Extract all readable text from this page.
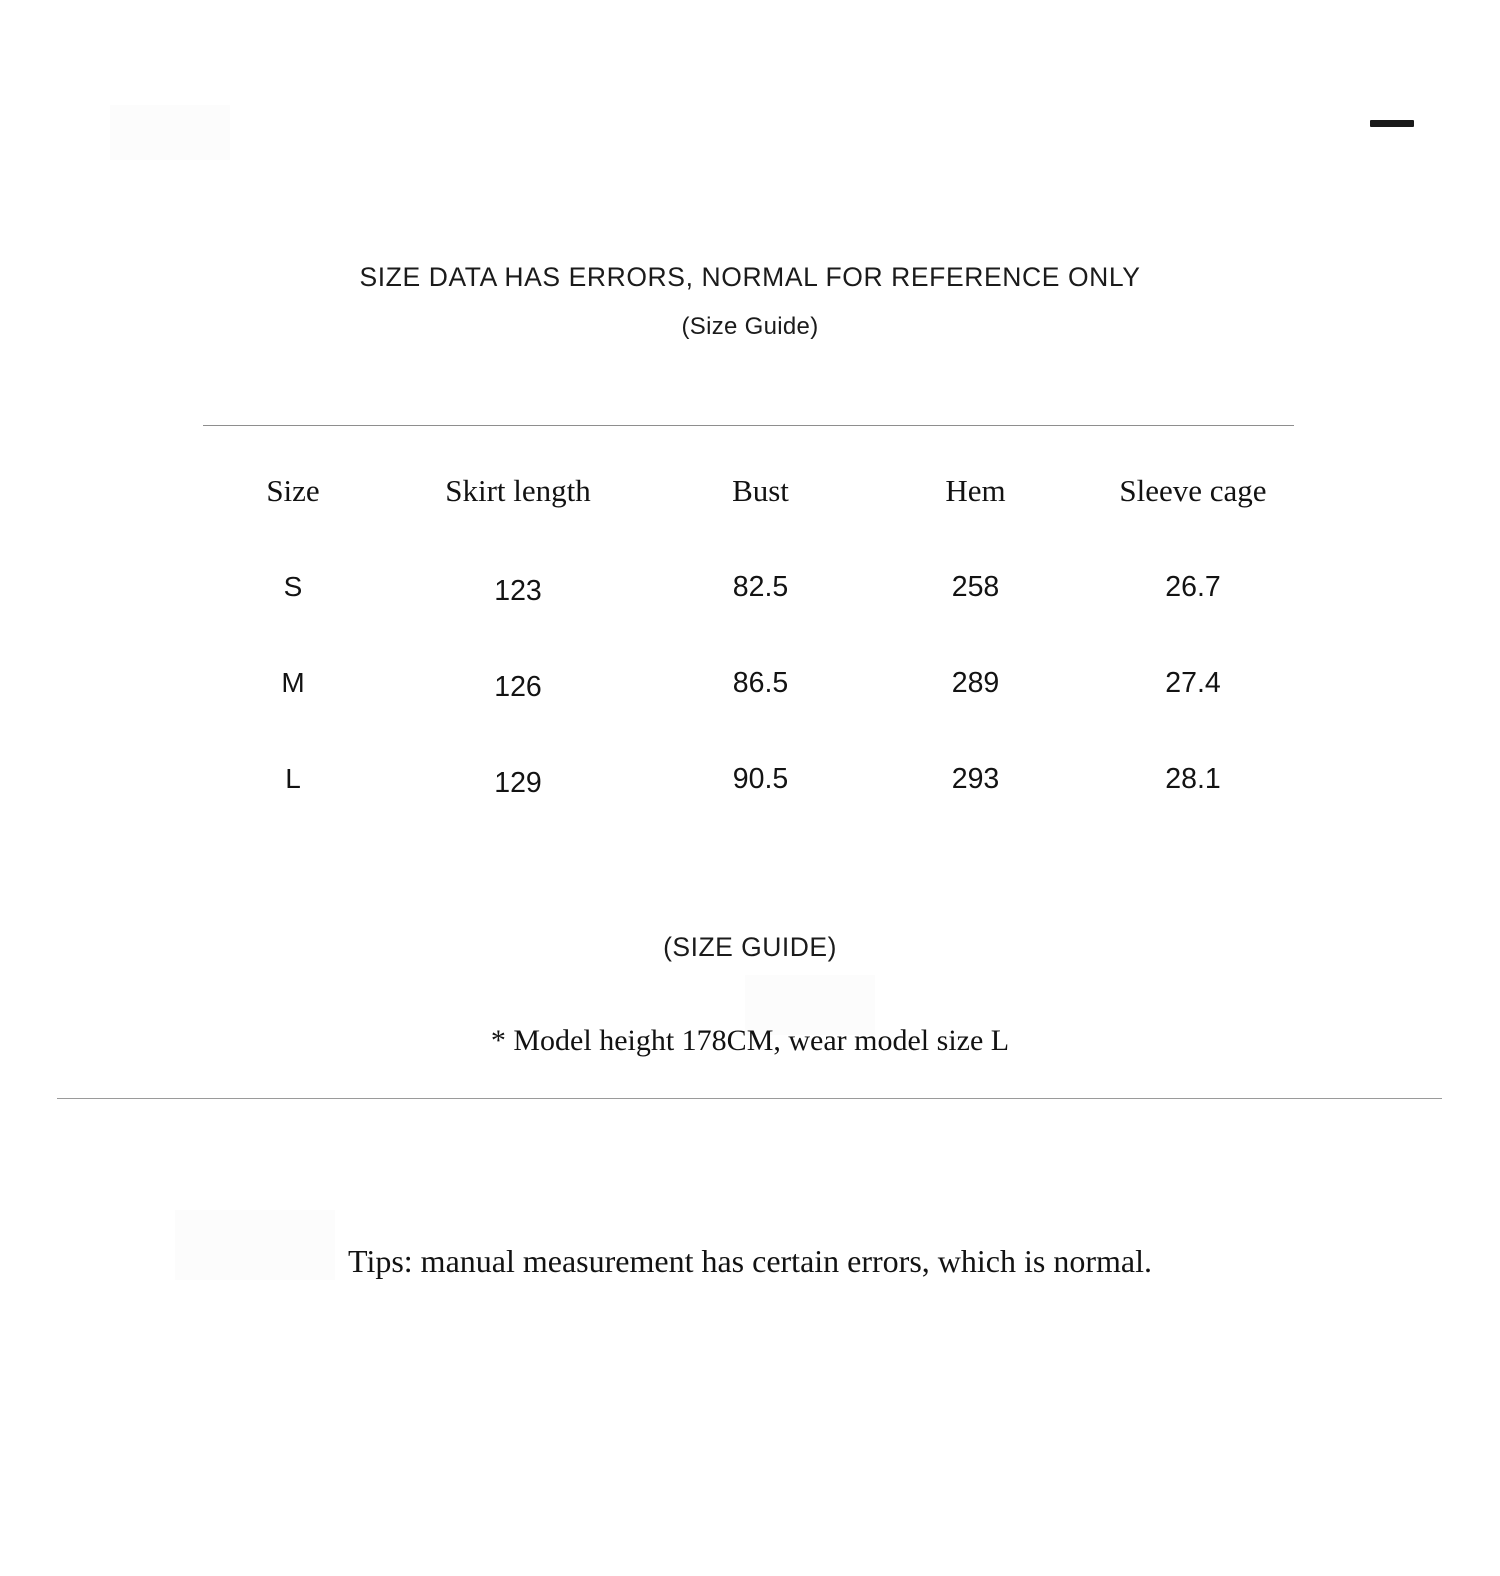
SIZE DATA HAS ERRORS, NORMAL FOR REFERENCE ONLY
(Size Guide)
Size	Skirt length	Bust	Hem	Sleeve cage
S	123	82.5	258	26.7
M	126	86.5	289	27.4
L	129	90.5	293	28.1
(SIZE GUIDE)
* Model height 178CM, wear model size L
Tips: manual measurement has certain errors, which is normal.
